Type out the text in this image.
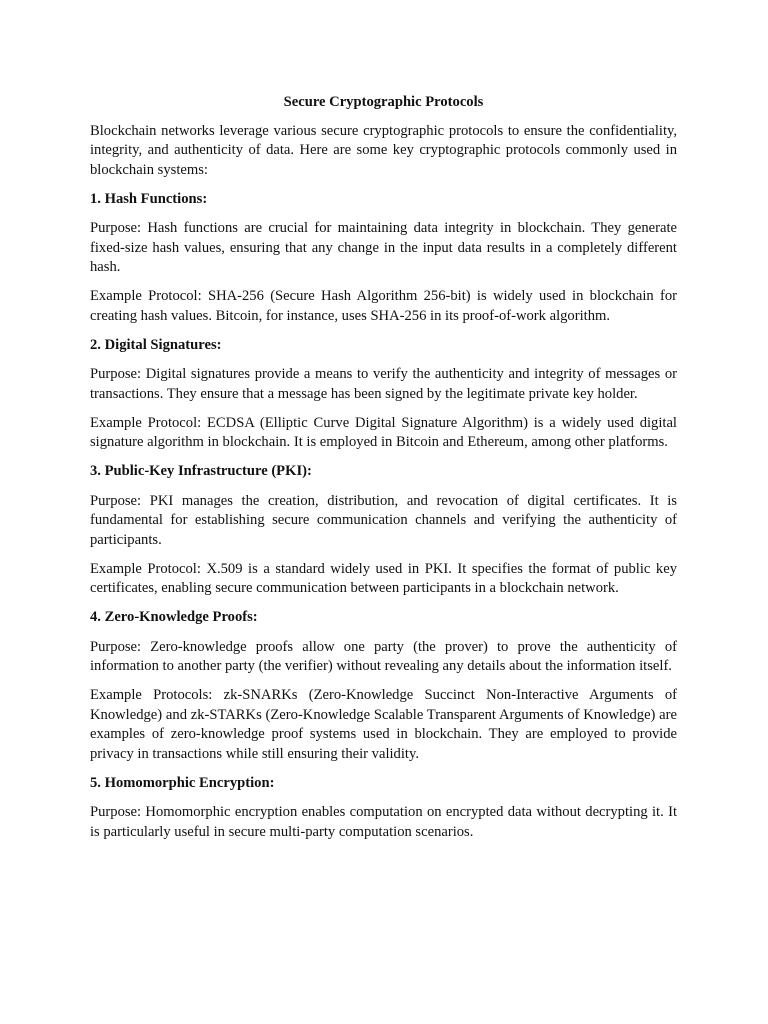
Secure Cryptographic Protocols

Blockchain networks leverage various secure cryptographic protocols to ensure the confidentiality, integrity, and authenticity of data. Here are some key cryptographic protocols commonly used in blockchain systems:

1. Hash Functions:

Purpose: Hash functions are crucial for maintaining data integrity in blockchain. They generate fixed-size hash values, ensuring that any change in the input data results in a completely different hash.

Example Protocol: SHA-256 (Secure Hash Algorithm 256-bit) is widely used in blockchain for creating hash values. Bitcoin, for instance, uses SHA-256 in its proof-of-work algorithm.

2. Digital Signatures:

Purpose: Digital signatures provide a means to verify the authenticity and integrity of messages or transactions. They ensure that a message has been signed by the legitimate private key holder.

Example Protocol: ECDSA (Elliptic Curve Digital Signature Algorithm) is a widely used digital signature algorithm in blockchain. It is employed in Bitcoin and Ethereum, among other platforms.

3. Public-Key Infrastructure (PKI):

Purpose: PKI manages the creation, distribution, and revocation of digital certificates. It is fundamental for establishing secure communication channels and verifying the authenticity of participants.

Example Protocol: X.509 is a standard widely used in PKI. It specifies the format of public key certificates, enabling secure communication between participants in a blockchain network.

4. Zero-Knowledge Proofs:

Purpose: Zero-knowledge proofs allow one party (the prover) to prove the authenticity of information to another party (the verifier) without revealing any details about the information itself.

Example Protocols: zk-SNARKs (Zero-Knowledge Succinct Non-Interactive Arguments of Knowledge) and zk-STARKs (Zero-Knowledge Scalable Transparent Arguments of Knowledge) are examples of zero-knowledge proof systems used in blockchain. They are employed to provide privacy in transactions while still ensuring their validity.

5. Homomorphic Encryption:

Purpose: Homomorphic encryption enables computation on encrypted data without decrypting it. It is particularly useful in secure multi-party computation scenarios.
